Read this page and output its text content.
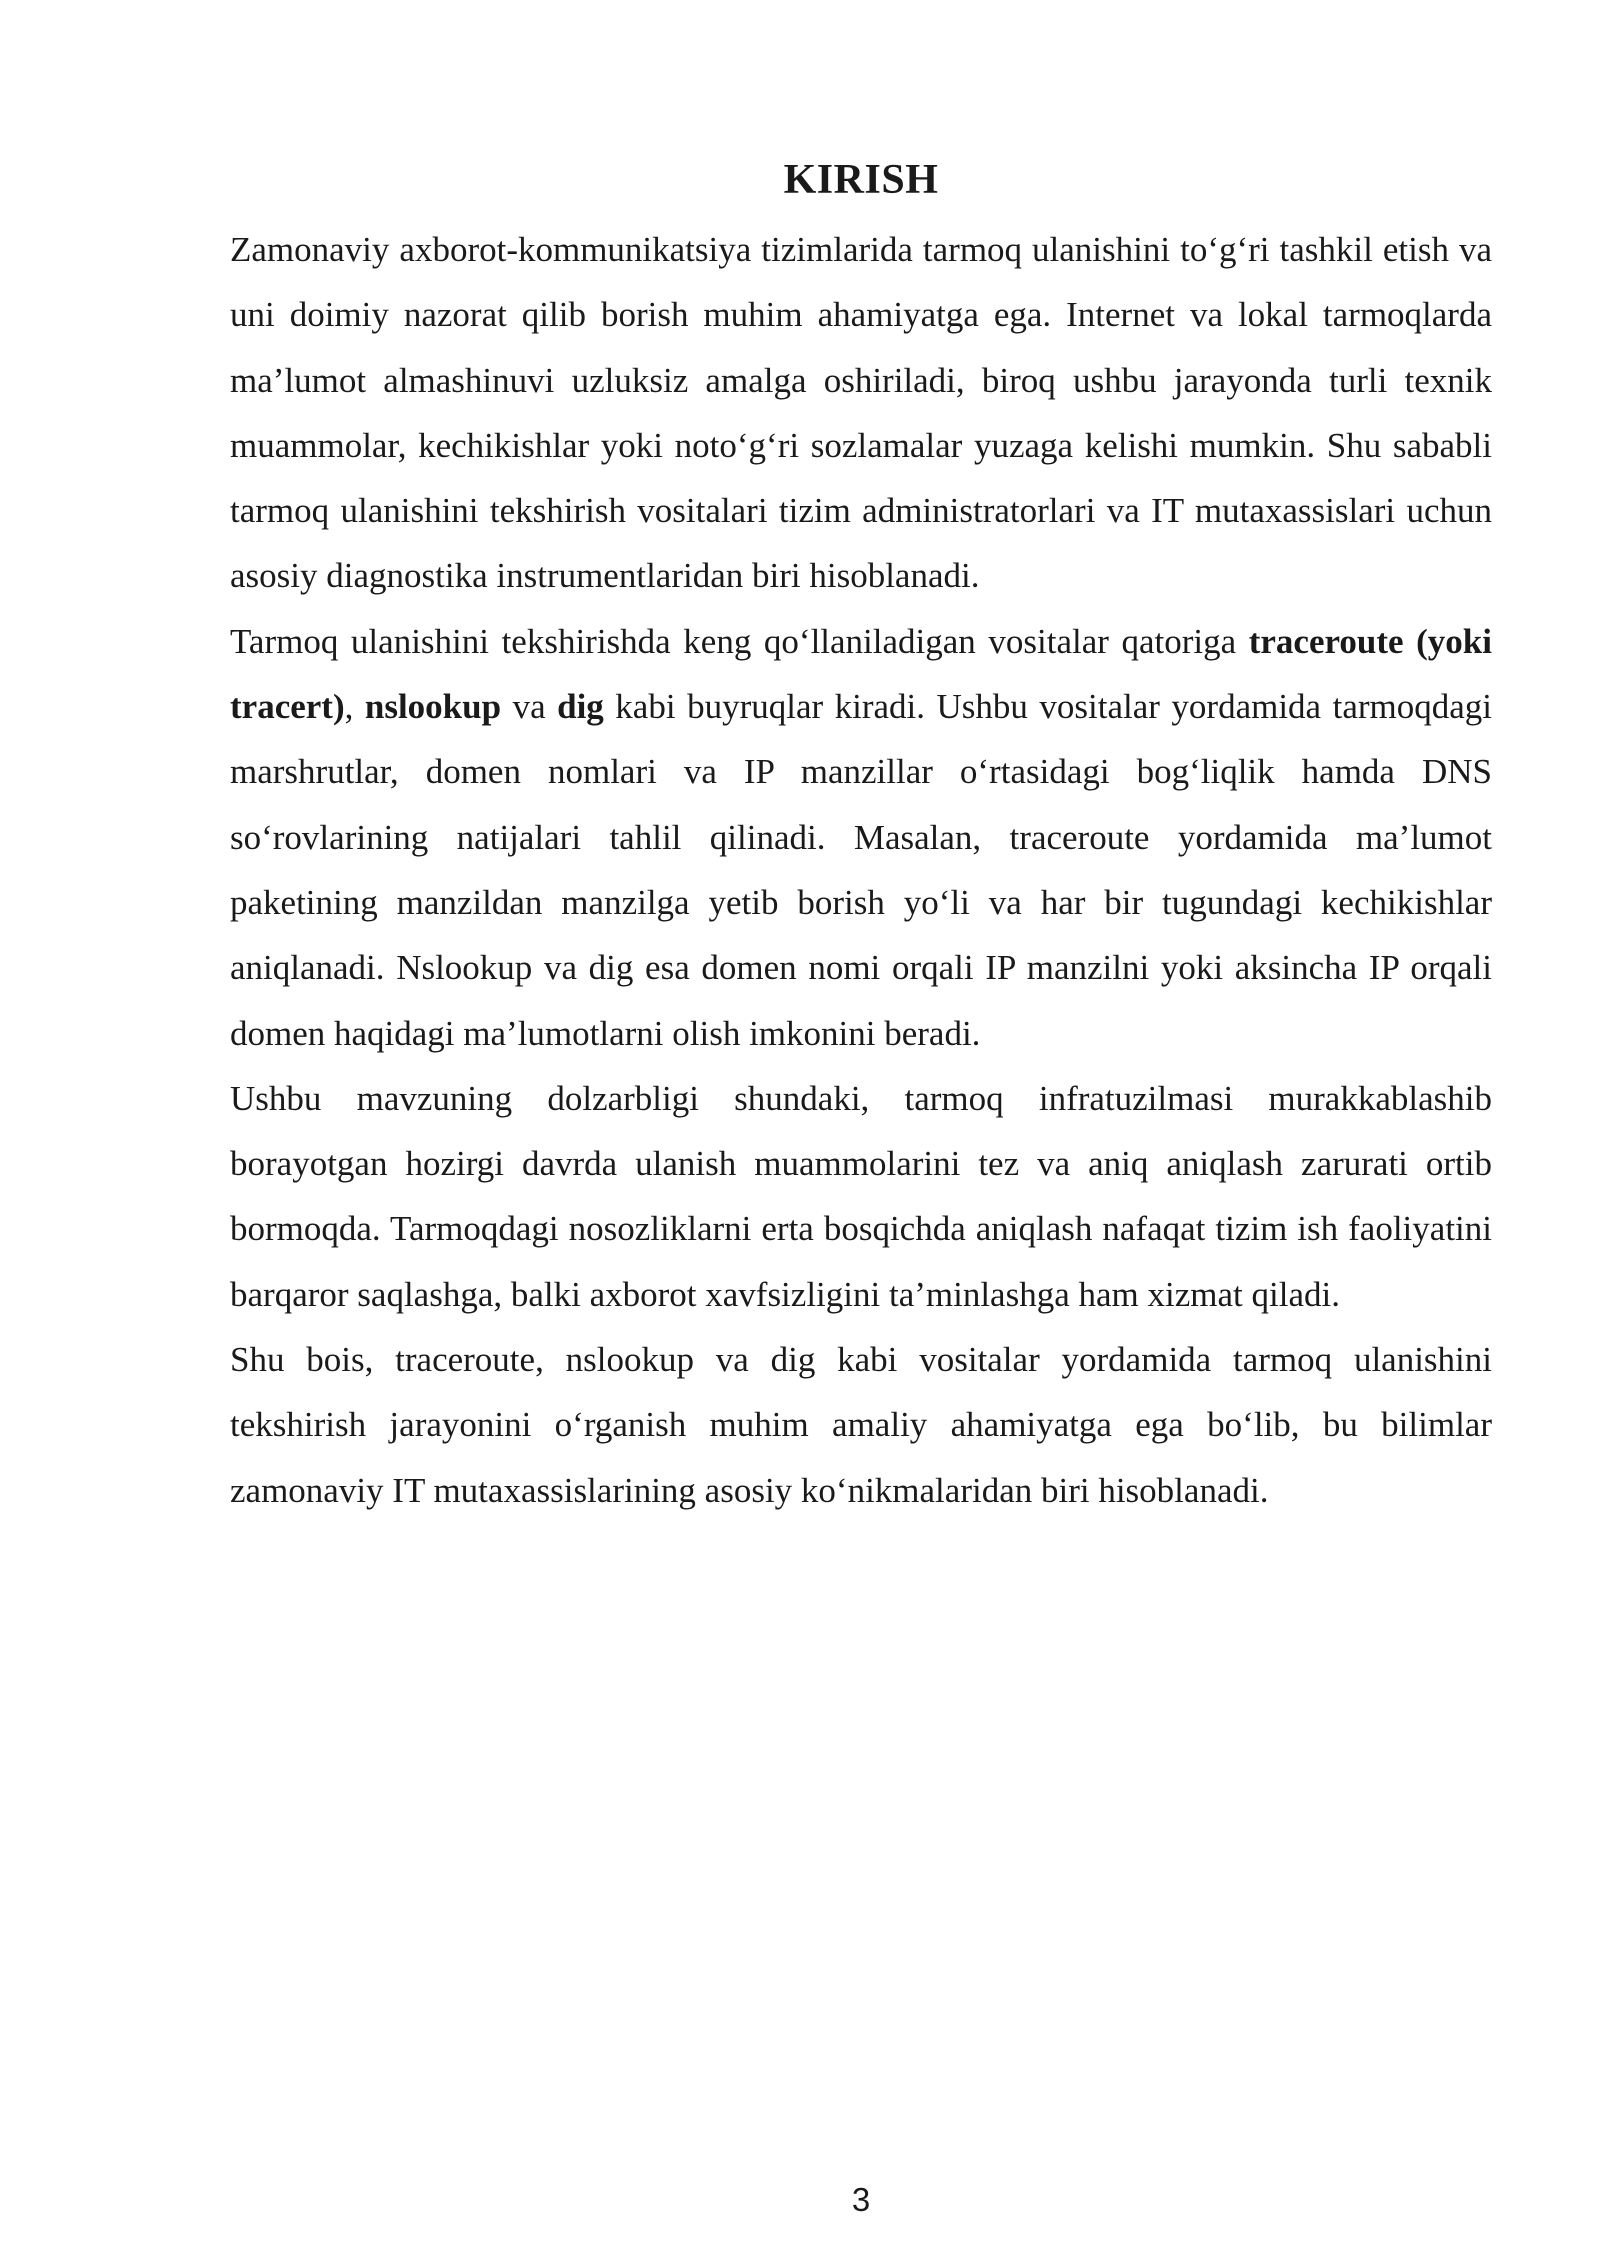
KIRISH

Zamonaviy axborot-kommunikatsiya tizimlarida tarmoq ulanishini to‘g‘ri tashkil etish va uni doimiy nazorat qilib borish muhim ahamiyatga ega. Internet va lokal tarmoqlarda ma’lumot almashinuvi uzluksiz amalga oshiriladi, biroq ushbu jarayonda turli texnik muammolar, kechikishlar yoki noto‘g‘ri sozlamalar yuzaga kelishi mumkin. Shu sababli tarmoq ulanishini tekshirish vositalari tizim administratorlari va IT mutaxassislari uchun asosiy diagnostika instrumentlaridan biri hisoblanadi.

Tarmoq ulanishini tekshirishda keng qo‘llaniladigan vositalar qatoriga traceroute (yoki tracert), nslookup va dig kabi buyruqlar kiradi. Ushbu vositalar yordamida tarmoqdagi marshrutlar, domen nomlari va IP manzillar o‘rtasidagi bog‘liqlik hamda DNS so‘rovlarining natijalari tahlil qilinadi. Masalan, traceroute yordamida ma’lumot paketining manzildan manzilga yetib borish yo‘li va har bir tugundagi kechikishlar aniqlanadi. Nslookup va dig esa domen nomi orqali IP manzilni yoki aksincha IP orqali domen haqidagi ma’lumotlarni olish imkonini beradi.

Ushbu mavzuning dolzarbligi shundaki, tarmoq infratuzilmasi murakkablashib borayotgan hozirgi davrda ulanish muammolarini tez va aniq aniqlash zarurati ortib bormoqda. Tarmoqdagi nosozliklarni erta bosqichda aniqlash nafaqat tizim ish faoliyatini barqaror saqlashga, balki axborot xavfsizligini ta’minlashga ham xizmat qiladi.

Shu bois, traceroute, nslookup va dig kabi vositalar yordamida tarmoq ulanishini tekshirish jarayonini o‘rganish muhim amaliy ahamiyatga ega bo‘lib, bu bilimlar zamonaviy IT mutaxassislarining asosiy ko‘nikmalaridan biri hisoblanadi.

3
